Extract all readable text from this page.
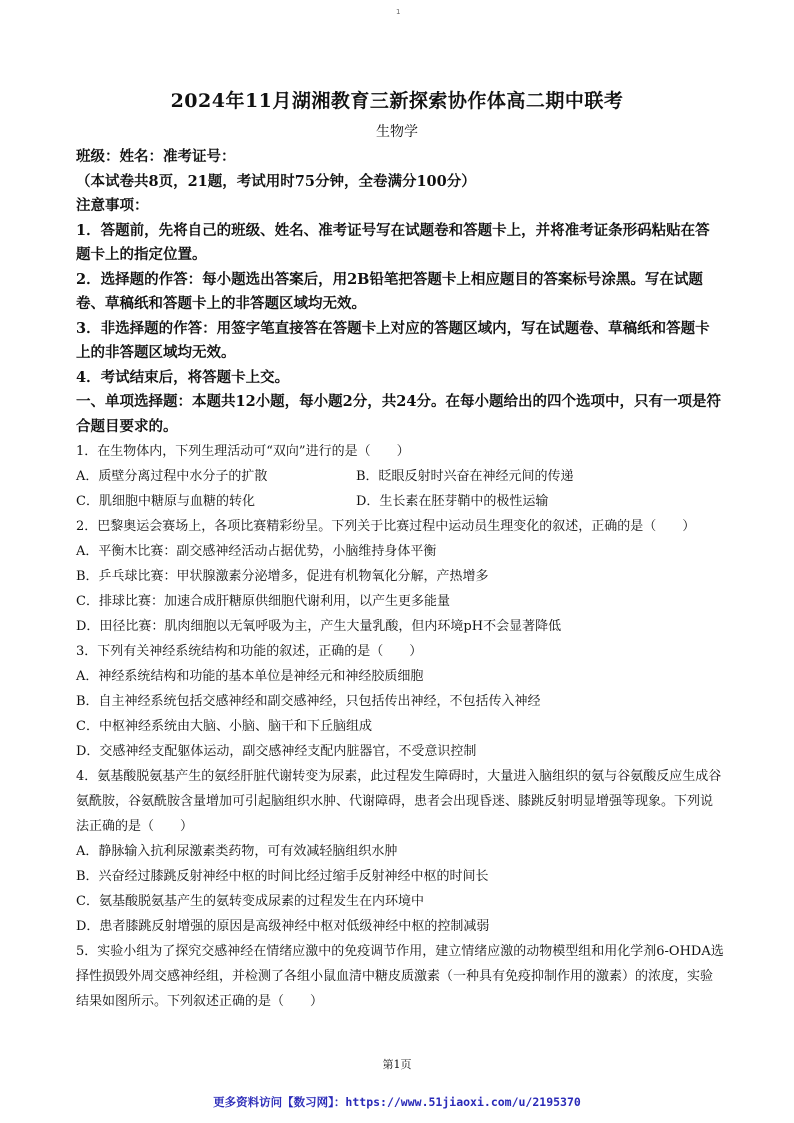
1
2024年11月湖湘教育三新探索协作体高二期中联考
生物学

班级：姓名：准考证号：

（本试卷共8页，21题，考试用时75分钟，全卷满分100分）

注意事项：

1．答题前，先将自己的班级、姓名、准考证号写在试题卷和答题卡上，并将准考证条形码粘贴在答题卡上的指定位置。

2．选择题的作答：每小题选出答案后，用2B铅笔把答题卡上相应题目的答案标号涂黑。写在试题卷、草稿纸和答题卡上的非答题区域均无效。

3．非选择题的作答：用签字笔直接答在答题卡上对应的答题区域内，写在试题卷、草稿纸和答题卡上的非答题区域均无效。

4．考试结束后，将答题卡上交。

一、单项选择题：本题共12小题，每小题2分，共24分。在每小题给出的四个选项中，只有一项是符合题目要求的。

1．在生物体内，下列生理活动可“双向”进行的是（　　）

A．质壁分离过程中水分子的扩散	B．眨眼反射时兴奋在神经元间的传递
C．肌细胞中糖原与血糖的转化	D．生长素在胚芽鞘中的极性运输

2．巴黎奥运会赛场上，各项比赛精彩纷呈。下列关于比赛过程中运动员生理变化的叙述，正确的是（　　）

A．平衡木比赛：副交感神经活动占据优势，小脑维持身体平衡

B．乒乓球比赛：甲状腺激素分泌增多，促进有机物氧化分解，产热增多

C．排球比赛：加速合成肝糖原供细胞代谢利用，以产生更多能量

D．田径比赛：肌肉细胞以无氧呼吸为主，产生大量乳酸，但内环境pH不会显著降低

3．下列有关神经系统结构和功能的叙述，正确的是（　　）

A．神经系统结构和功能的基本单位是神经元和神经胶质细胞

B．自主神经系统包括交感神经和副交感神经，只包括传出神经，不包括传入神经

C．中枢神经系统由大脑、小脑、脑干和下丘脑组成

D．交感神经支配躯体运动，副交感神经支配内脏器官，不受意识控制

4．氨基酸脱氨基产生的氨经肝脏代谢转变为尿素，此过程发生障碍时，大量进入脑组织的氨与谷氨酸反应生成谷氨酰胺，谷氨酰胺含量增加可引起脑组织水肿、代谢障碍，患者会出现昏迷、膝跳反射明显增强等现象。下列说法正确的是（　　）

A．静脉输入抗利尿激素类药物，可有效减轻脑组织水肿

B．兴奋经过膝跳反射神经中枢的时间比经过缩手反射神经中枢的时间长

C．氨基酸脱氨基产生的氨转变成尿素的过程发生在内环境中

D．患者膝跳反射增强的原因是高级神经中枢对低级神经中枢的控制减弱

5．实验小组为了探究交感神经在情绪应激中的免疫调节作用，建立情绪应激的动物模型组和用化学剂6-OHDA选择性损毁外周交感神经组，并检测了各组小鼠血清中糖皮质激素（一种具有免疫抑制作用的激素）的浓度，实验结果如图所示。下列叙述正确的是（　　）

第1页
更多资料访问【数习网】：https://www.51jiaoxi.com/u/2195370
